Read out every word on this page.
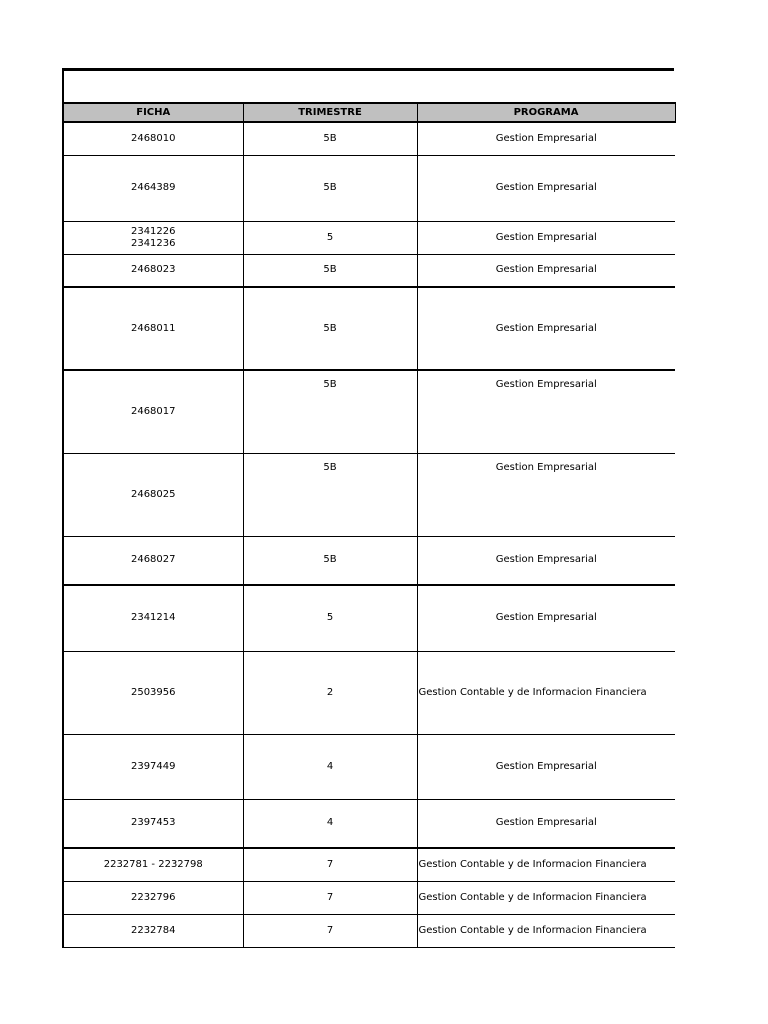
FICHA	TRIMESTRE	PROGRAMA

2468010	5B	Gestion Empresarial

2464389	5B	Gestion Empresarial

2341226
2341236	5	Gestion Empresarial

2468023	5B	Gestion Empresarial

2468011	5B	Gestion Empresarial

2468017	5B	Gestion Empresarial

2468025	5B	Gestion Empresarial

2468027	5B	Gestion Empresarial

2341214	5	Gestion Empresarial

2503956	2	Gestion Contable y de Informacion Financiera

2397449	4	Gestion Empresarial

2397453	4	Gestion Empresarial

2232781 - 2232798	7	Gestion Contable y de Informacion Financiera

2232796	7	Gestion Contable y de Informacion Financiera

2232784	7	Gestion Contable y de Informacion Financiera
